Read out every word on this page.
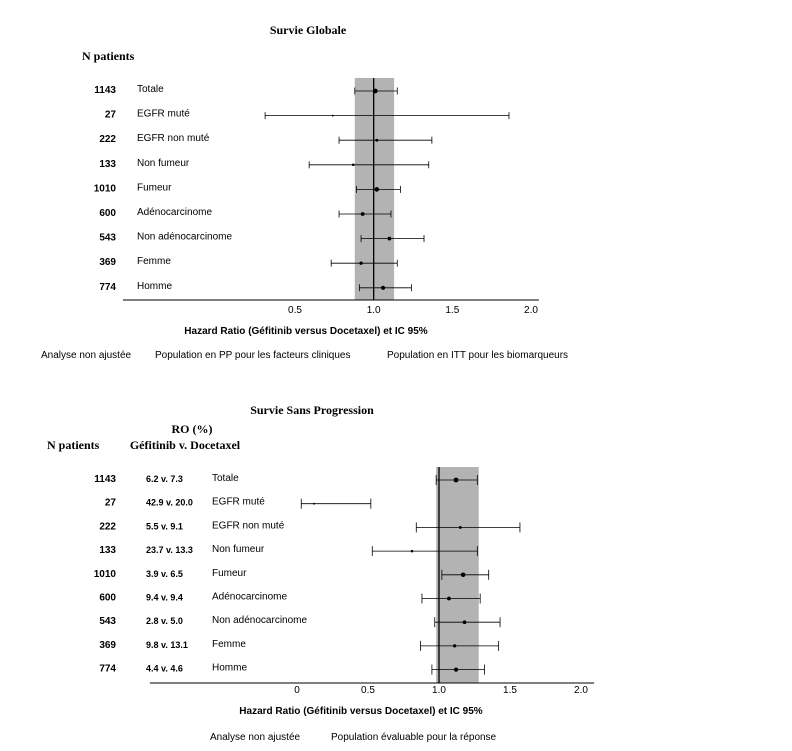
Survie Globale
N patients
1143 Totale
27 EGFR muté
222 EGFR non muté
133 Non fumeur
1010 Fumeur
600 Adénocarcinome
543 Non adénocarcinome
369 Femme
774 Homme
0.5	1.0	1.5	2.0
Hazard Ratio (Géfitinib versus Docetaxel) et IC 95%
Analyse non ajustée Population en PP pour les facteurs cliniques	Population en ITT pour les biomarqueurs
Survie Sans Progression
RO (%)
N patients	Géfitinib v. Docetaxel
1143	6.2 v. 7.3	Totale
27	42.9 v. 20.0 EGFR muté
222	5.5 v. 9.1	EGFR non muté
133	23.7 v. 13.3 Non fumeur
1010	3.9 v. 6.5	Fumeur
600	9.4 v. 9.4	Adénocarcinome
543	2.8 v. 5.0	Non adénocarcinome
369	9.8 v. 13.1 Femme
774	4.4 v. 4.6	Homme
0	0.5	1.0	1.5	2.0
Hazard Ratio (Géfitinib versus Docetaxel) et IC 95%
Analyse non ajustée	Population évaluable pour la réponse
